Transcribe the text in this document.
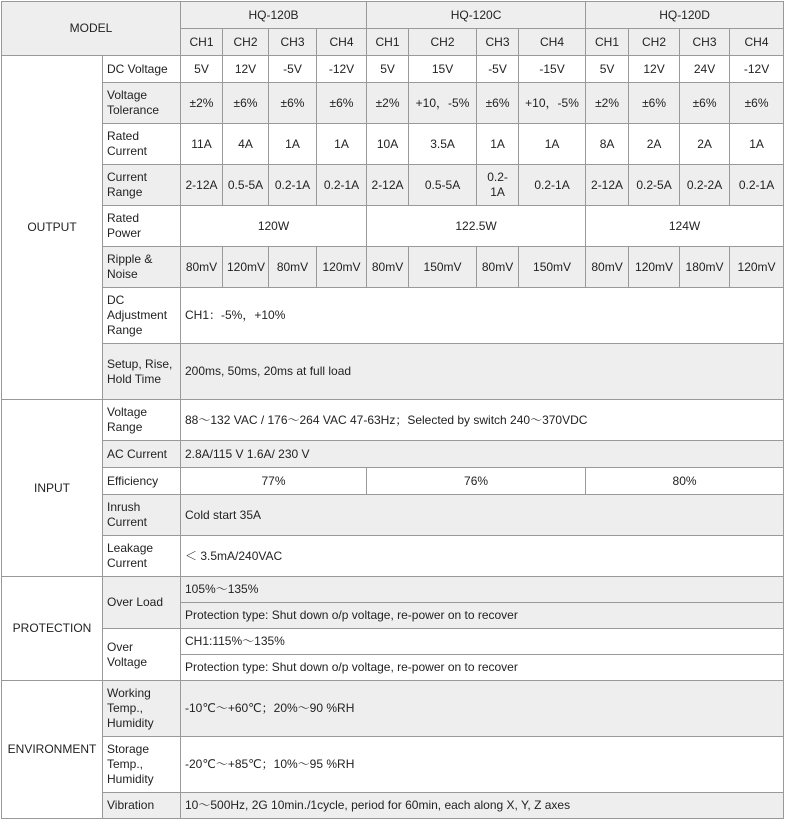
MODEL		HQ-120B				HQ-120C				HQ-120D			
		CH1	CH2	CH3	CH4	CH1	CH2	CH3	CH4	CH1	CH2	CH3	CH4
OUTPUT	DC Voltage	5V	12V	-5V	-12V	5V	15V	-5V	-15V	5V	12V	24V	-12V
	Voltage Tolerance	±2%	±6%	±6%	±6%	±2%	+10，-5%	±6%	+10，-5%	±2%	±6%	±6%	±6%
	Rated Current	11A	4A	1A	1A	10A	3.5A	1A	1A	8A	2A	2A	1A
	Current Range	2-12A	0.5-5A	0.2-1A	0.2-1A	2-12A	0.5-5A	0.2-1A	0.2-1A	2-12A	0.2-5A	0.2-2A	0.2-1A
	Rated Power	120W				122.5W				124W			
	Ripple & Noise	80mV	120mV	80mV	120mV	80mV	150mV	80mV	150mV	80mV	120mV	180mV	120mV
	DC Adjustment Range	CH1：-5%，+10%											
	Setup, Rise, Hold Time	200ms, 50ms, 20ms at full load											
INPUT	Voltage Range	88～132 VAC / 176～264 VAC 47-63Hz；Selected by switch 240～370VDC											
	AC Current	2.8A/115 V 1.6A/ 230 V											
	Efficiency	77%				76%				80%			
	Inrush Current	Cold start 35A											
	Leakage Current	＜ 3.5mA/240VAC											
PROTECTION	Over Load	105%～135%											
		Protection type: Shut down o/p voltage, re-power on to recover											
	Over Voltage	CH1:115%～135%											
		Protection type: Shut down o/p voltage, re-power on to recover											
ENVIRONMENT	Working Temp., Humidity	-10℃～+60℃；20%～90 %RH											
	Storage Temp., Humidity	-20℃～+85℃；10%～95 %RH											
	Vibration	10～500Hz, 2G 10min./1cycle, period for 60min, each along X, Y, Z axes											
